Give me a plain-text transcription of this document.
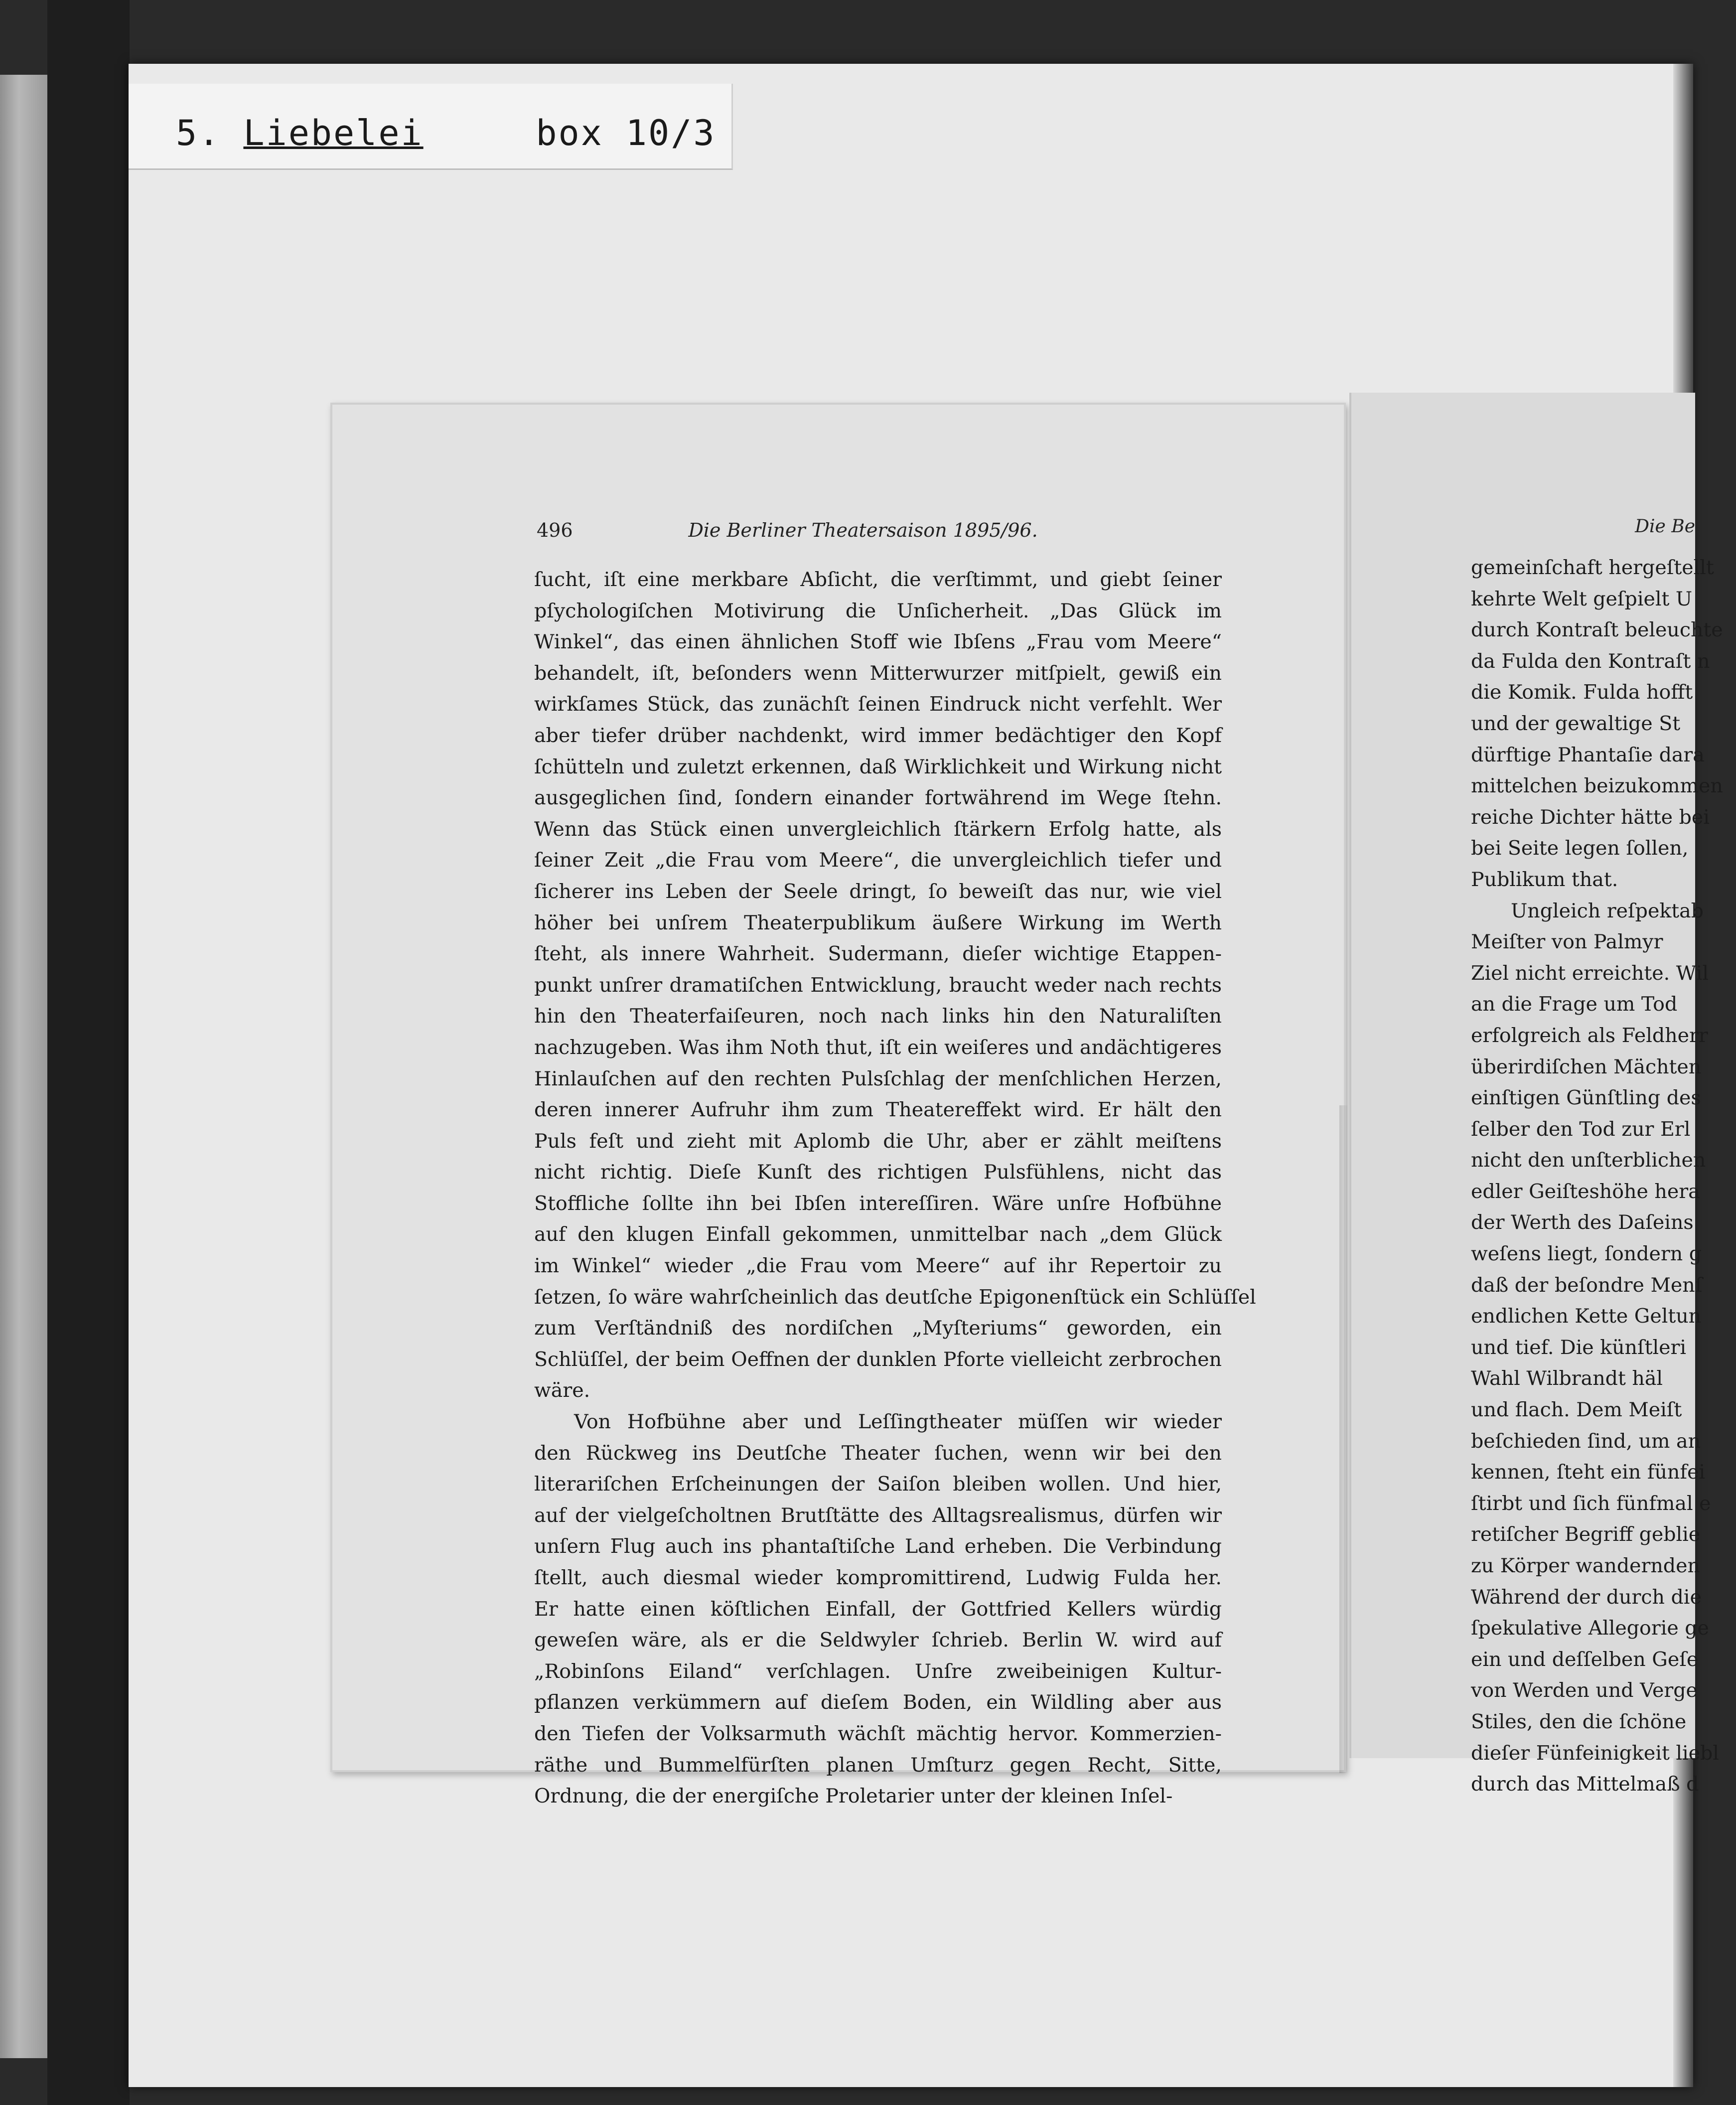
5. Liebelei	box 10/3
496	Die Berliner Theatersaison 1895/96.
ſucht, iſt eine merkbare Abſicht, die verſtimmt, und giebt ſeiner
pſychologiſchen Motivirung die Unſicherheit. „Das Glück im
Winkel“, das einen ähnlichen Stoff wie Ibſens „Frau vom Meere“
behandelt, iſt, beſonders wenn Mitterwurzer mitſpielt, gewiß ein
wirkſames Stück, das zunächſt ſeinen Eindruck nicht verfehlt. Wer
aber tiefer drüber nachdenkt, wird immer bedächtiger den Kopf
ſchütteln und zuletzt erkennen, daß Wirklichkeit und Wirkung nicht
ausgeglichen ſind, ſondern einander fortwährend im Wege ſtehn.
Wenn das Stück einen unvergleichlich ſtärkern Erfolg hatte, als
ſeiner Zeit „die Frau vom Meere“, die unvergleichlich tiefer und
ſicherer ins Leben der Seele dringt, ſo beweiſt das nur, wie viel
höher bei unſrem Theaterpublikum äußere Wirkung im Werth
ſteht, als innere Wahrheit. Sudermann, dieſer wichtige Etappen-
punkt unſrer dramatiſchen Entwicklung, braucht weder nach rechts
hin den Theaterfaiſeuren, noch nach links hin den Naturaliſten
nachzugeben. Was ihm Noth thut, iſt ein weiſeres und andächtigeres
Hinlauſchen auf den rechten Pulsſchlag der menſchlichen Herzen,
deren innerer Aufruhr ihm zum Theatereffekt wird. Er hält den
Puls feſt und zieht mit Aplomb die Uhr, aber er zählt meiſtens
nicht richtig. Dieſe Kunſt des richtigen Pulsfühlens, nicht das
Stoffliche ſollte ihn bei Ibſen intereſſiren. Wäre unſre Hofbühne
auf den klugen Einfall gekommen, unmittelbar nach „dem Glück
im Winkel“ wieder „die Frau vom Meere“ auf ihr Repertoir zu
ſetzen, ſo wäre wahrſcheinlich das deutſche Epigonenſtück ein Schlüſſel
zum Verſtändniß des nordiſchen „Myſteriums“ geworden, ein
Schlüſſel, der beim Oeffnen der dunklen Pforte vielleicht zerbrochen
wäre.
Von Hofbühne aber und Leſſingtheater müſſen wir wieder
den Rückweg ins Deutſche Theater ſuchen, wenn wir bei den
literariſchen Erſcheinungen der Saiſon bleiben wollen. Und hier,
auf der vielgeſcholtnen Brutſtätte des Alltagsrealismus, dürfen wir
unſern Flug auch ins phantaſtiſche Land erheben. Die Verbindung
ſtellt, auch diesmal wieder kompromittirend, Ludwig Fulda her.
Er hatte einen köſtlichen Einfall, der Gottfried Kellers würdig
geweſen wäre, als er die Seldwyler ſchrieb. Berlin W. wird auf
„Robinſons Eiland“ verſchlagen. Unſre zweibeinigen Kultur-
pflanzen verkümmern auf dieſem Boden, ein Wildling aber aus
den Tiefen der Volksarmuth wächſt mächtig hervor. Kommerzien-
räthe und Bummelfürſten planen Umſturz gegen Recht, Sitte,
Ordnung, die der energiſche Proletarier unter der kleinen Inſel-
Die Be
gemeinſchaft hergeſtellt
kehrte Welt geſpielt U
durch Kontraſt beleuchte
da Fulda den Kontraſt n
die Komik. Fulda hofft
und der gewaltige St
dürftige Phantaſie dara
mittelchen beizukommen
reiche Dichter hätte bei
bei Seite legen ſollen,
Publikum that.
Ungleich reſpektab
Meiſter von Palmyr
Ziel nicht erreichte. Wil
an die Frage um Tod
erfolgreich als Feldherr
überirdiſchen Mächten
einſtigen Günſtling des
ſelber den Tod zur Erl
nicht den unſterblichen
edler Geiſteshöhe hera
der Werth des Daſeins
weſens liegt, ſondern g
daß der beſondre Menſ
endlichen Kette Geltun
und tief. Die künſtleri
Wahl Wilbrandt häl
und flach. Dem Meiſt
beſchieden ſind, um an
kennen, ſteht ein fünfei
ſtirbt und ſich fünfmal e
retiſcher Begriff geblie
zu Körper wandernden
Während der durch die
ſpekulative Allegorie ge
ein und deſſelben Geſe
von Werden und Verge
Stiles, den die ſchöne
dieſer Fünfeinigkeit liebl
durch das Mittelmaß d
